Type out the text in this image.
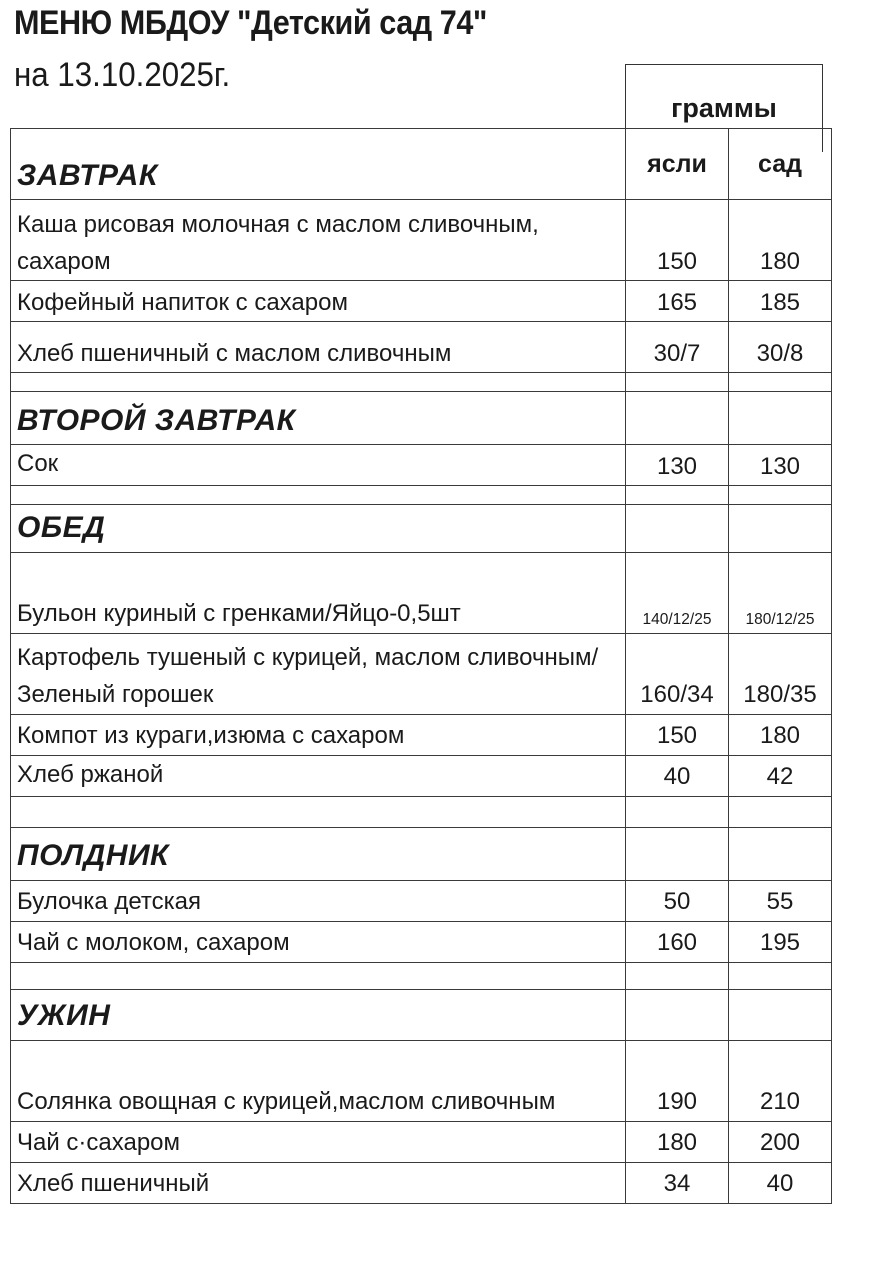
МЕНЮ МБДОУ "Детский сад 74"
на 13.10.2025г.
граммы
ЗАВТРАК	ясли	сад
Каша рисовая молочная с маслом сливочным, сахаром	150	180
Кофейный напиток с сахаром	165	185
Хлеб пшеничный с маслом сливочным	30/7	30/8

ВТОРОЙ ЗАВТРАК		
Сок	130	130

ОБЕД		
Бульон куриный с гренками/Яйцо-0,5шт	140/12/25	180/12/25
Картофель тушеный с курицей, маслом сливочным/Зеленый горошек	160/34	180/35
Компот из кураги,изюма с сахаром	150	180
Хлеб ржаной	40	42

ПОЛДНИК		
Булочка детская	50	55
Чай с молоком, сахаром	160	195

УЖИН		
Солянка овощная с курицей,маслом сливочным	190	210
Чай с·сахаром	180	200
Хлеб пшеничный	34	40
